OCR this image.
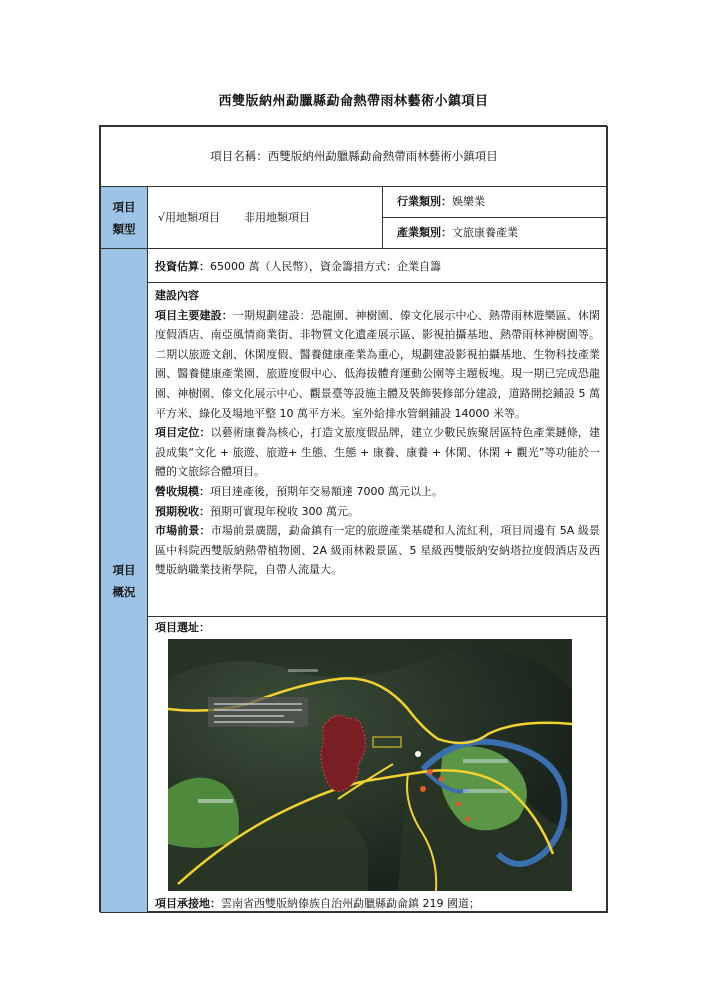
西雙版納州勐臘縣勐侖熱帶雨林藝術小鎮項目
項目名稱：西雙版納州勐臘縣勐侖熱帶雨林藝術小鎮項目
項目
類型
√用地類項目 非用地類項目
行業類別： 娛樂業
產業類別： 文旅康養產業
項目
概況
投資估算：65000 萬（人民幣），資金籌措方式：企業自籌
建設內容
項目主要建設：一期規劃建設：恐龍園、神樹園、傣文化展示中心、熱帶雨林遊樂區、休閑度假酒店、南亞風情商業街、非物質文化遺產展示區、影視拍攝基地、熱帶雨林神樹園等。二期以旅遊文創、休閑度假、醫養健康產業為重心，規劃建設影視拍攝基地、生物科技產業園、醫養健康產業園、旅遊度假中心、低海拔體育運動公園等主題板塊。現一期已完成恐龍園、神樹園、傣文化展示中心、觀景臺等設施主體及裝飾裝修部分建設，道路開挖鋪設 5 萬平方米、綠化及場地平整 10 萬平方米。室外給排水管網鋪設 14000 米等。
項目定位：以藝術康養為核心，打造文旅度假品牌，建立少數民族聚居區特色產業鏈條，建設成集“文化 + 旅遊、旅遊+ 生態、生態 + 康養、康養 + 休閑、休閑 + 觀光”等功能於一體的文旅綜合體項目。
營收規模：項目達產後，預期年交易額達 7000 萬元以上。
預期稅收：預期可實現年稅收 300 萬元。
市場前景：市場前景廣闊，勐侖鎮有一定的旅遊產業基礎和人流紅利，項目周邊有 5A 級景區中科院西雙版納熱帶植物園、2A 級雨林穀景區、5 星級西雙版納安納塔拉度假酒店及西雙版納職業技術學院，自帶人流量大。
項目選址：
項目承接地：雲南省西雙版納傣族自治州勐臘縣勐侖鎮 219 國道；
